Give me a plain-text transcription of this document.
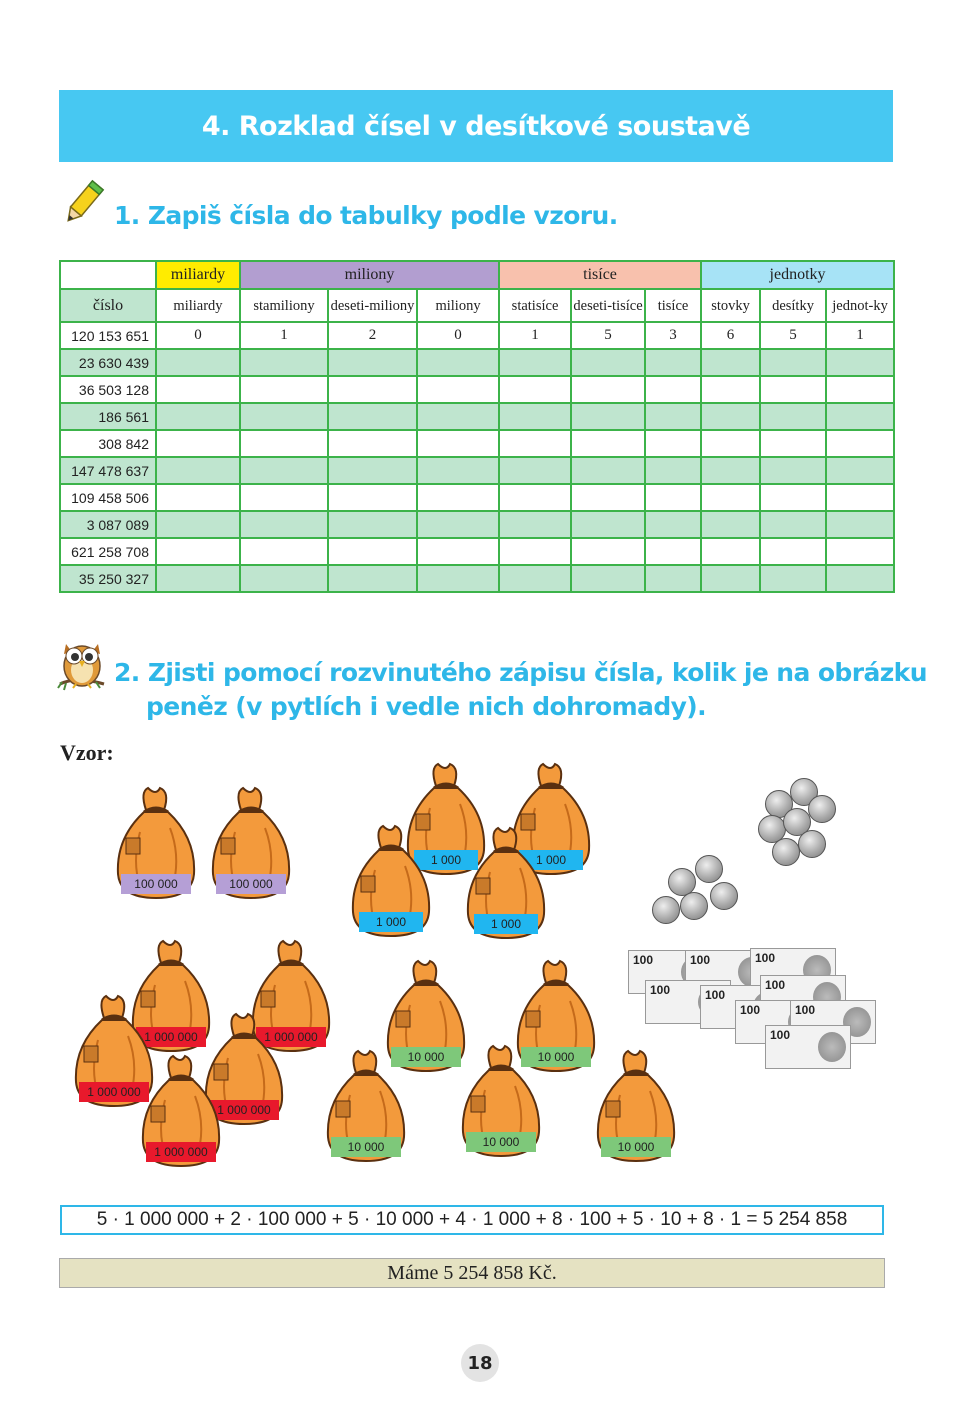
4. Rozklad čísel v desítkové soustavě
1. Zapiš čísla do tabulky podle vzoru.
	miliardy	miliony			tisíce			jednotky		
číslo	miliardy	stamiliony	deseti-miliony	miliony	statisíce	deseti-tisíce	tisíce	stovky	desítky	jednot-ky
120 153 651	0	1	2	0	1	5	3	6	5	1
23 630 439										
36 503 128										
186 561										
308 842										
147 478 637										
109 458 506										
3 087 089										
621 258 708										
35 250 327										
2. Zjisti pomocí rozvinutého zápisu čísla, kolik je na obrázku
peněz (v pytlích i vedle nich dohromady).
Vzor:
100 000	100 000
1 000	1 000
1 000	1 000
1 000 000	1 000 000
1 000 000
1 000 000
1 000 000
10 000	10 000
10 000	10 000	10 000
100	100	100
100	100
100
100	100
100
5 · 1 000 000 + 2 · 100 000 + 5 · 10 000 + 4 · 1 000 + 8 · 100 + 5 · 10 + 8 · 1 = 5 254 858
Máme 5 254 858 Kč.
18
